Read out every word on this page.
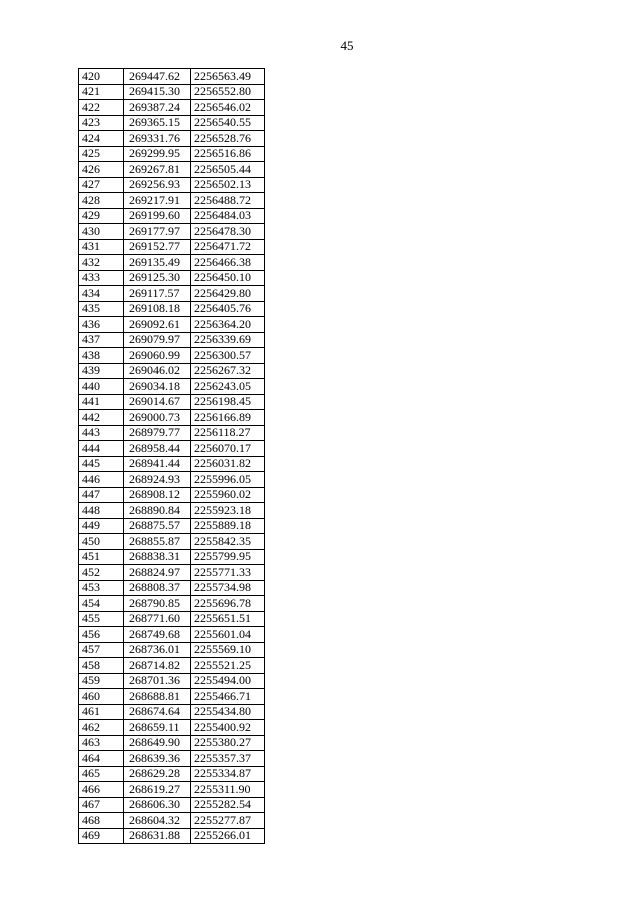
45
420	269447.62	2256563.49
421	269415.30	2256552.80
422	269387.24	2256546.02
423	269365.15	2256540.55
424	269331.76	2256528.76
425	269299.95	2256516.86
426	269267.81	2256505.44
427	269256.93	2256502.13
428	269217.91	2256488.72
429	269199.60	2256484.03
430	269177.97	2256478.30
431	269152.77	2256471.72
432	269135.49	2256466.38
433	269125.30	2256450.10
434	269117.57	2256429.80
435	269108.18	2256405.76
436	269092.61	2256364.20
437	269079.97	2256339.69
438	269060.99	2256300.57
439	269046.02	2256267.32
440	269034.18	2256243.05
441	269014.67	2256198.45
442	269000.73	2256166.89
443	268979.77	2256118.27
444	268958.44	2256070.17
445	268941.44	2256031.82
446	268924.93	2255996.05
447	268908.12	2255960.02
448	268890.84	2255923.18
449	268875.57	2255889.18
450	268855.87	2255842.35
451	268838.31	2255799.95
452	268824.97	2255771.33
453	268808.37	2255734.98
454	268790.85	2255696.78
455	268771.60	2255651.51
456	268749.68	2255601.04
457	268736.01	2255569.10
458	268714.82	2255521.25
459	268701.36	2255494.00
460	268688.81	2255466.71
461	268674.64	2255434.80
462	268659.11	2255400.92
463	268649.90	2255380.27
464	268639.36	2255357.37
465	268629.28	2255334.87
466	268619.27	2255311.90
467	268606.30	2255282.54
468	268604.32	2255277.87
469	268631.88	2255266.01
